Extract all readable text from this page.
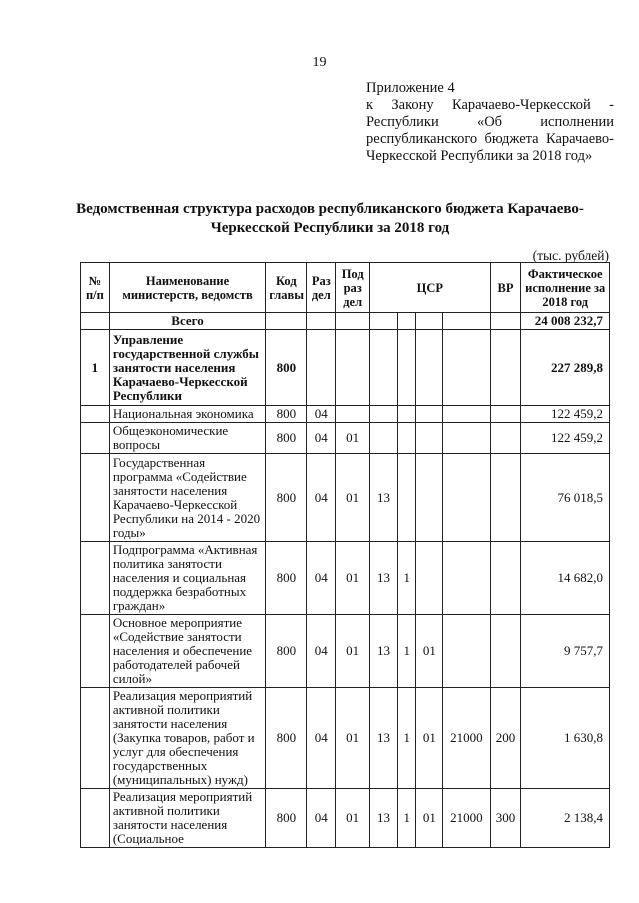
19
Приложение 4
к Закону Карачаево-Черкесской -
Республики «Об исполнении
республиканского бюджета Карачаево-
Черкесской Республики за 2018 год»
Ведомственная структура расходов республиканского бюджета Карачаево-
Черкесской Республики за 2018 год
(тыс. рублей)
№ п/п	Наименование министерств, ведомств	Код главы	Раз дел	Под раз дел	ЦСР				ВР	Фактическое исполнение за 2018 год
	Всего									24 008 232,7
1	Управление государственной службы занятости населения Карачаево-Черкесской Республики	800								227 289,8
	Национальная экономика	800	04							122 459,2
	Общеэкономические вопросы	800	04	01						122 459,2
	Государственная программа «Содействие занятости населения Карачаево-Черкесской Республики на 2014 - 2020 годы»	800	04	01	13					76 018,5
	Подпрограмма «Активная политика занятости населения и социальная поддержка безработных граждан»	800	04	01	13	1				14 682,0
	Основное мероприятие «Содействие занятости населения и обеспечение работодателей рабочей силой»	800	04	01	13	1	01			9 757,7
	Реализация мероприятий активной политики занятости населения (Закупка товаров, работ и услуг для обеспечения государственных (муниципальных) нужд)	800	04	01	13	1	01	21000	200	1 630,8
	Реализация мероприятий активной политики занятости населения (Социальное	800	04	01	13	1	01	21000	300	2 138,4
